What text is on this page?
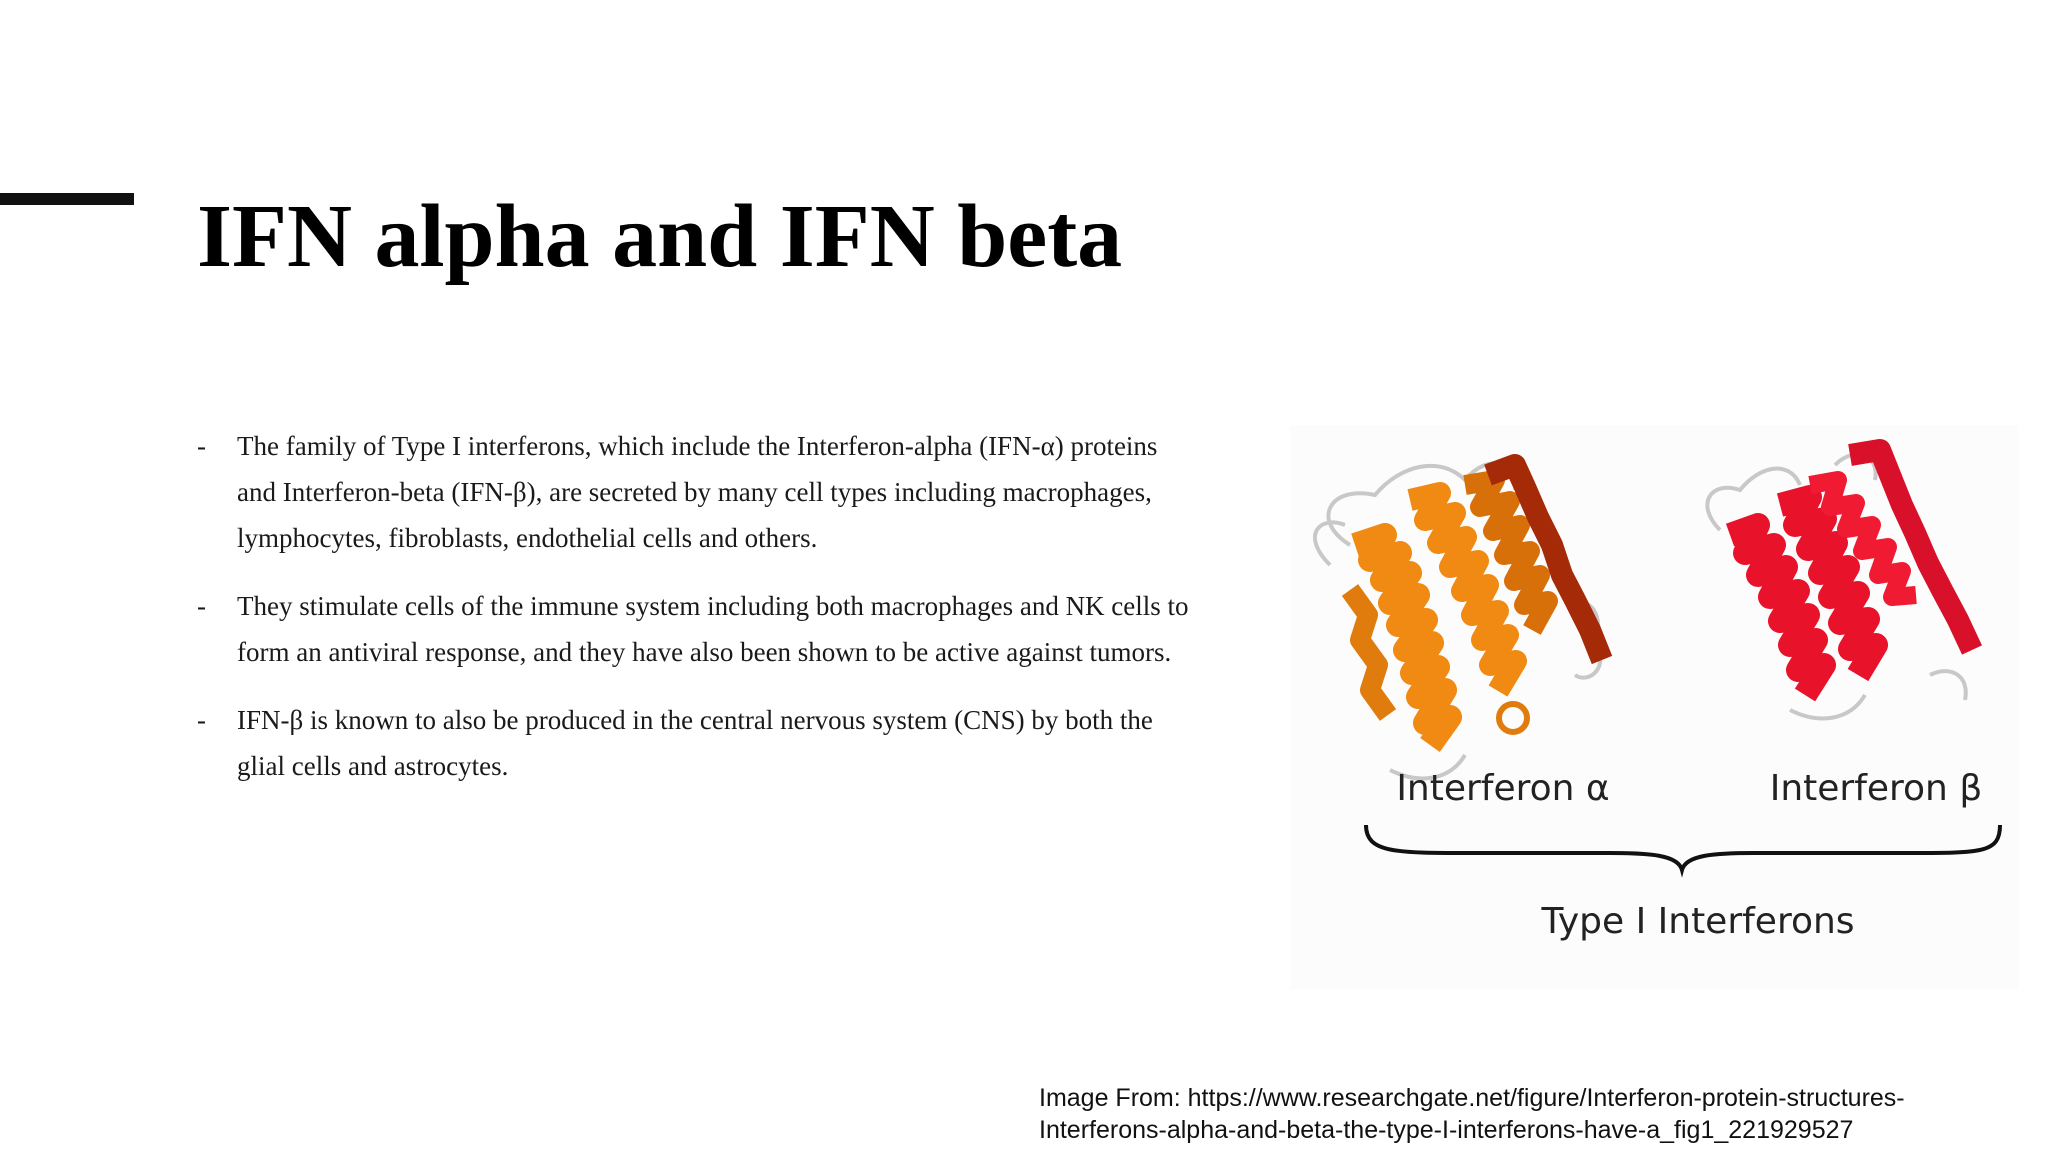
IFN alpha and IFN beta
- The family of Type I interferons, which include the Interferon-alpha (IFN-α) proteins
and Interferon-beta (IFN-β), are secreted by many cell types including macrophages,
lymphocytes, fibroblasts, endothelial cells and others.
- They stimulate cells of the immune system including both macrophages and NK cells to
form an antiviral response, and they have also been shown to be active against tumors.
- IFN-β is known to also be produced in the central nervous system (CNS) by both the
glial cells and astrocytes.
Interferon α	Interferon β
Type I Interferons

Image From: https://www.researchgate.net/figure/Interferon-protein-structures-
Interferons-alpha-and-beta-the-type-I-interferons-have-a_fig1_221929527
